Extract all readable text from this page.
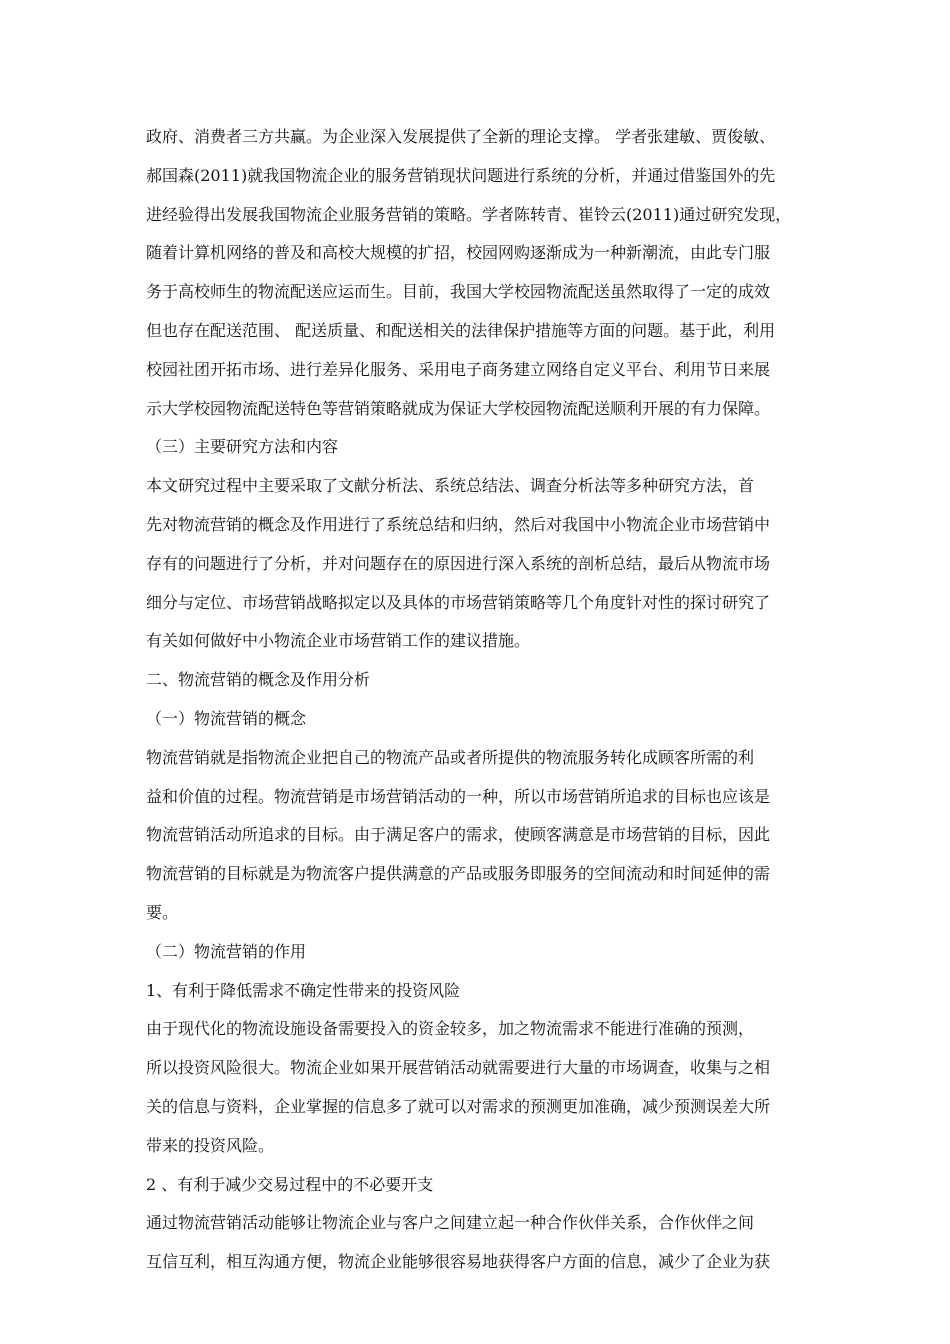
政府、消费者三方共赢。为企业深入发展提供了全新的理论支撑。 学者张建敏、贾俊敏、
郝国森(2011)就我国物流企业的服务营销现状问题进行系统的分析，并通过借鉴国外的先
进经验得出发展我国物流企业服务营销的策略。学者陈转青、崔铃云(2011)通过研究发现，
随着计算机网络的普及和高校大规模的扩招，校园网购逐渐成为一种新潮流，由此专门服
务于高校师生的物流配送应运而生。目前，我国大学校园物流配送虽然取得了一定的成效
但也存在配送范围、 配送质量、和配送相关的法律保护措施等方面的问题。基于此，利用
校园社团开拓市场、进行差异化服务、采用电子商务建立网络自定义平台、利用节日来展
示大学校园物流配送特色等营销策略就成为保证大学校园物流配送顺利开展的有力保障。
（三）主要研究方法和内容
本文研究过程中主要采取了文献分析法、系统总结法、调查分析法等多种研究方法，首
先对物流营销的概念及作用进行了系统总结和归纳，然后对我国中小物流企业市场营销中
存有的问题进行了分析，并对问题存在的原因进行深入系统的剖析总结，最后从物流市场
细分与定位、市场营销战略拟定以及具体的市场营销策略等几个角度针对性的探讨研究了
有关如何做好中小物流企业市场营销工作的建议措施。
二、物流营销的概念及作用分析
（一）物流营销的概念
物流营销就是指物流企业把自己的物流产品或者所提供的物流服务转化成顾客所需的利
益和价值的过程。物流营销是市场营销活动的一种，所以市场营销所追求的目标也应该是
物流营销活动所追求的目标。由于满足客户的需求，使顾客满意是市场营销的目标，因此
物流营销的目标就是为物流客户提供满意的产品或服务即服务的空间流动和时间延伸的需
要。
（二）物流营销的作用
1、有利于降低需求不确定性带来的投资风险
由于现代化的物流设施设备需要投入的资金较多，加之物流需求不能进行准确的预测，
所以投资风险很大。物流企业如果开展营销活动就需要进行大量的市场调查，收集与之相
关的信息与资料，企业掌握的信息多了就可以对需求的预测更加准确，减少预测误差大所
带来的投资风险。
2 、有利于减少交易过程中的不必要开支
通过物流营销活动能够让物流企业与客户之间建立起一种合作伙伴关系，合作伙伴之间
互信互利，相互沟通方便，物流企业能够很容易地获得客户方面的信息，减少了企业为获
